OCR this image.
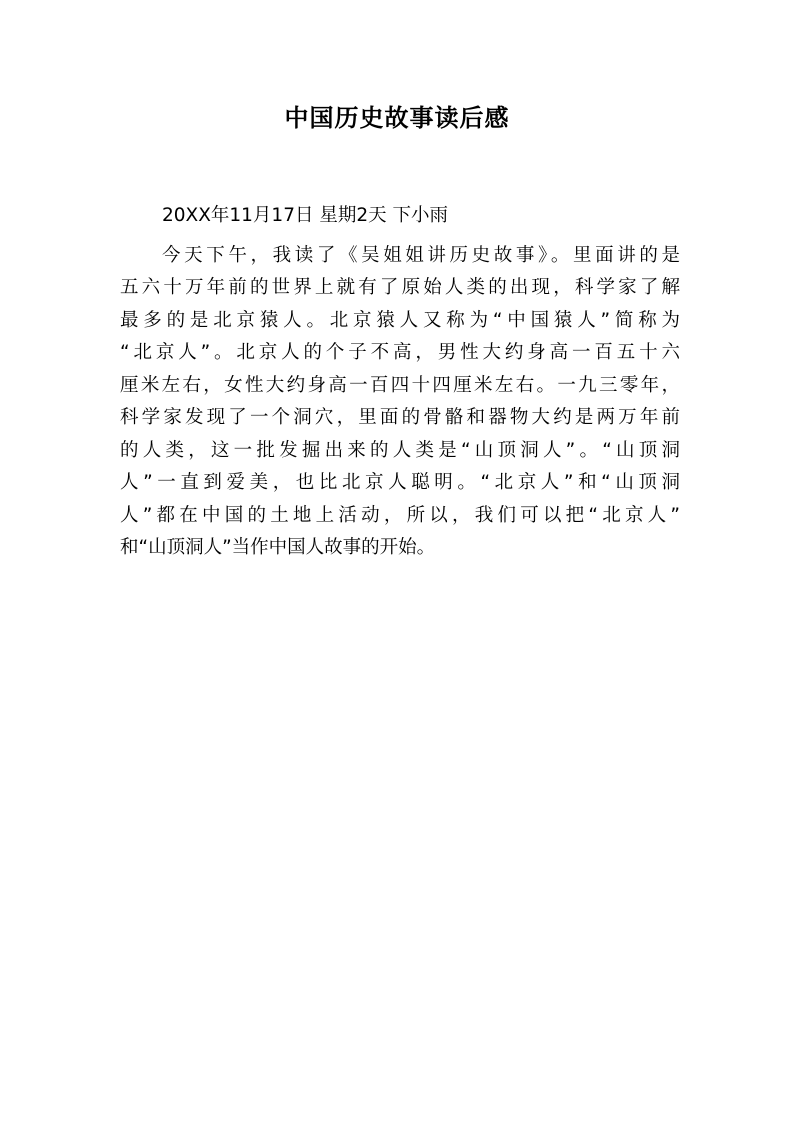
中国历史故事读后感
20XX年11月17日 星期2天 下小雨
今天下午，我读了《吴姐姐讲历史故事》。里面讲的是
五六十万年前的世界上就有了原始人类的出现，科学家了解
最多的是北京猿人。北京猿人又称为“中国猿人”简称为
“北京人”。北京人的个子不高，男性大约身高一百五十六
厘米左右，女性大约身高一百四十四厘米左右。一九三零年，
科学家发现了一个洞穴，里面的骨骼和器物大约是两万年前
的人类，这一批发掘出来的人类是“山顶洞人”。“山顶洞
人”一直到爱美，也比北京人聪明。“北京人”和“山顶洞
人”都在中国的土地上活动，所以，我们可以把“北京人”
和“山顶洞人”当作中国人故事的开始。
